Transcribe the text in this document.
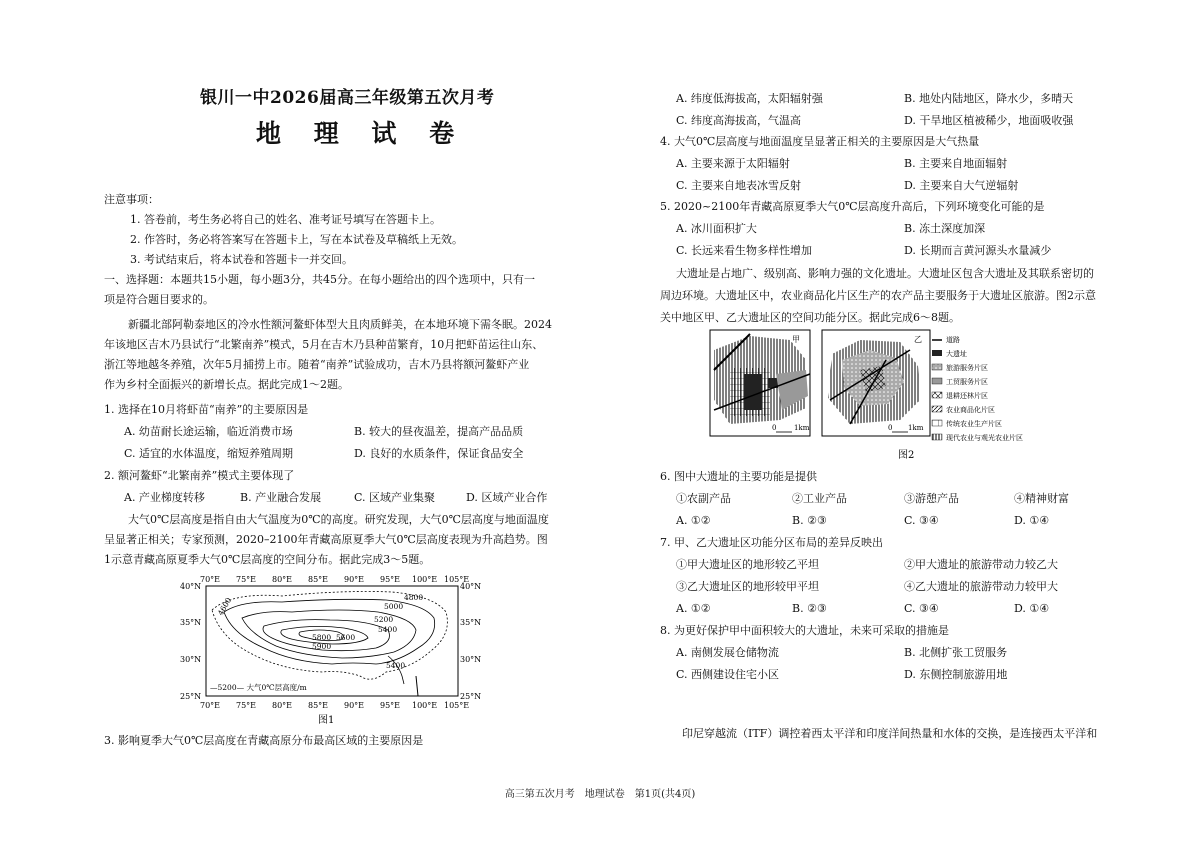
银川一中2026届高三年级第五次月考
地 理 试 卷
注意事项：
1. 答卷前，考生务必将自己的姓名、准考证号填写在答题卡上。
2. 作答时，务必将答案写在答题卡上，写在本试卷及草稿纸上无效。
3. 考试结束后，将本试卷和答题卡一并交回。
一、选择题：本题共15小题，每小题3分，共45分。在每小题给出的四个选项中，只有一
项是符合题目要求的。
新疆北部阿勒泰地区的冷水性额河鳌虾体型大且肉质鲜美，在本地环境下需冬眠。2024
年该地区吉木乃县试行“北繁南养”模式，5月在吉木乃县种苗繁育，10月把虾苗运往山东、
浙江等地越冬养殖，次年5月捕捞上市。随着“南养”试验成功，吉木乃县将额河鳌虾产业
作为乡村全面振兴的新增长点。据此完成1～2题。
1. 选择在10月将虾苗“南养”的主要原因是
A. 幼苗耐长途运输，临近消费市场	B. 较大的昼夜温差，提高产品品质
C. 适宜的水体温度，缩短养殖周期	D. 良好的水质条件，保证食品安全
2. 额河鳌虾“北繁南养”模式主要体现了
A. 产业梯度转移	B. 产业融合发展	C. 区域产业集聚	D. 区域产业合作
大气0℃层高度是指自由大气温度为0℃的高度。研究发现，大气0℃层高度与地面温度
呈显著正相关；专家预测，2020–2100年青藏高原夏季大气0℃层高度表现为升高趋势。图
1示意青藏高原夏季大气0℃层高度的空间分布。据此完成3～5题。
70°E 75°E 80°E 85°E 90°E 95°E 100°E 105°E
70°E 75°E 80°E 85°E 90°E 95°E 100°E 105°E
40°N
35°N
30°N
25°N
40°N
35°N
30°N
25°N
4600	4800
5000
5200
5400
5600
5800
5900
5400
—5200— 大气0℃层高度/m
图1
3. 影响夏季大气0℃层高度在青藏高原分布最高区域的主要原因是
A. 纬度低海拔高，太阳辐射强	B. 地处内陆地区，降水少，多晴天
C. 纬度高海拔高，气温高	D. 干旱地区植被稀少，地面吸收强
4. 大气0℃层高度与地面温度呈显著正相关的主要原因是大气热量
A. 主要来源于太阳辐射	B. 主要来自地面辐射
C. 主要来自地表冰雪反射	D. 主要来自大气逆辐射
5. 2020~2100年青藏高原夏季大气0℃层高度升高后，下列环境变化可能的是
A. 冰川面积扩大	B. 冻土深度加深
C. 长远来看生物多样性增加	D. 长期而言黄河源头水量减少
大遗址是占地广、级别高、影响力强的文化遗址。大遗址区包含大遗址及其联系密切的
周边环境。大遗址区中，农业商品化片区生产的农产品主要服务于大遗址区旅游。图2示意
关中地区甲、乙大遗址区的空间功能分区。据此完成6～8题。
甲
0	1km
乙
0 1km
道路
大遗址
旅游服务片区
工贸服务片区
退耕还林片区
农业商品化片区
传统农业生产片区
现代农业与观光农业片区
图2
6. 图中大遗址的主要功能是提供
①农副产品	②工业产品	③游憩产品	④精神财富
A. ①②	B. ②③	C. ③④	D. ①④
7. 甲、乙大遗址区功能分区布局的差异反映出
①甲大遗址区的地形较乙平坦	②甲大遗址的旅游带动力较乙大
③乙大遗址区的地形较甲平坦	④乙大遗址的旅游带动力较甲大
A. ①②	B. ②③	C. ③④	D. ①④
8. 为更好保护甲中面积较大的大遗址，未来可采取的措施是
A. 南侧发展仓储物流	B. 北侧扩张工贸服务
C. 西侧建设住宅小区	D. 东侧控制旅游用地
印尼穿越流（ITF）调控着西太平洋和印度洋间热量和水体的交换，是连接西太平洋和
高三第五次月考　地理试卷　第1页(共4页)
